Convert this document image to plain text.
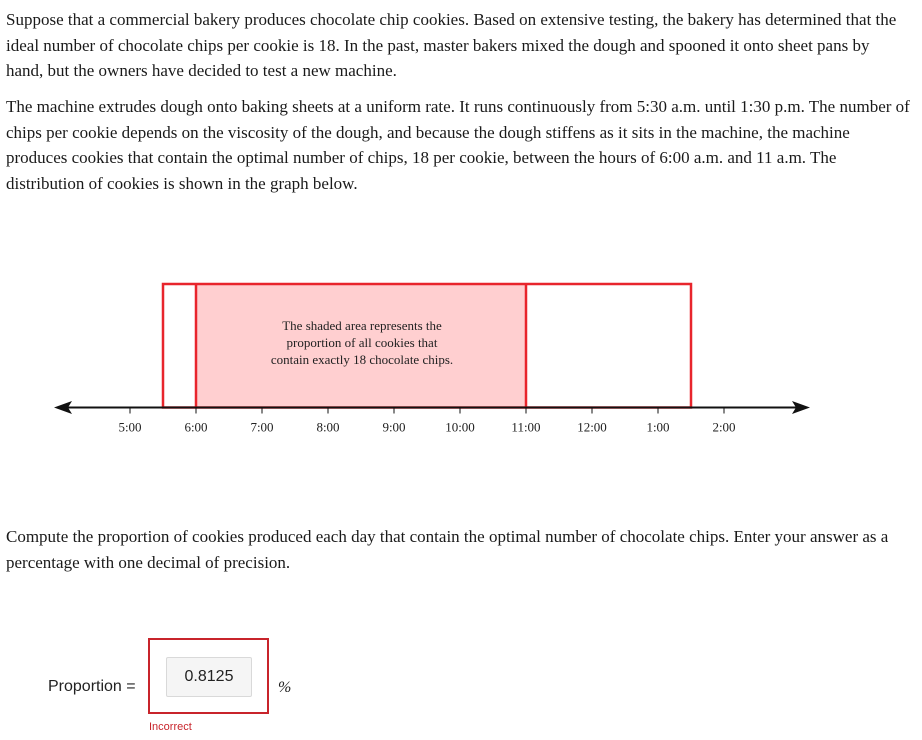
Suppose that a commercial bakery produces chocolate chip cookies. Based on extensive testing, the bakery has determined that the ideal number of chocolate chips per cookie is 18. In the past, master bakers mixed the dough and spooned it onto sheet pans by hand, but the owners have decided to test a new machine.

The machine extrudes dough onto baking sheets at a uniform rate. It runs continuously from 5:30 a.m. until 1:30 p.m. The number of chips per cookie depends on the viscosity of the dough, and because the dough stiffens as it sits in the machine, the machine produces cookies that contain the optimal number of chips, 18 per cookie, between the hours of 6:00 a.m. and 11 a.m. The distribution of cookies is shown in the graph below.

5:00	6:00	7:00	8:00	9:00	10:00	11:00	12:00	1:00	2:00
The shaded area represents the
proportion of all cookies that
contain exactly 18 chocolate chips.

Compute the proportion of cookies produced each day that contain the optimal number of chocolate chips. Enter your answer as a percentage with one decimal of precision.

Proportion =
0.8125	%
Incorrect
